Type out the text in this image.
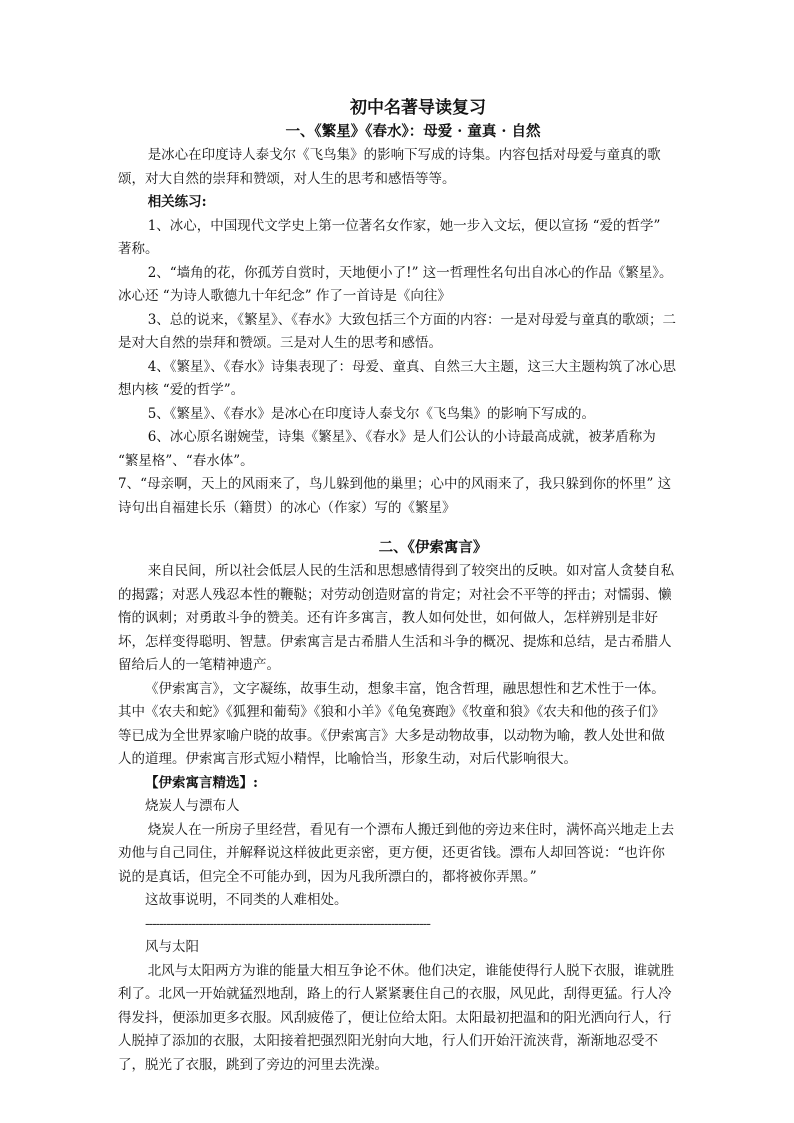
初中名著导读复习
一、《繁星》《春水》：母爱 · 童真 · 自然

是冰心在印度诗人泰戈尔《飞鸟集》的影响下写成的诗集。内容包括对母爱与童真的歌颂，对大自然的崇拜和赞颂，对人生的思考和感悟等等。

相关练习:

1、冰心，中国现代文学史上第一位著名女作家，她一步入文坛，便以宣扬 “爱的哲学” 著称。

2、“墙角的花，你孤芳自赏时，天地便小了!” 这一哲理性名句出自冰心的作品《繁星》。冰心还 “为诗人歌德九十年纪念” 作了一首诗是《向往》

3、总的说来，《繁星》、《春水》大致包括三个方面的内容：一是对母爱与童真的歌颂；二是对大自然的崇拜和赞颂。三是对人生的思考和感悟。

4、《繁星》、《春水》诗集表现了：母爱、童真、自然三大主题，这三大主题构筑了冰心思想内核 “爱的哲学”。

5、《繁星》、《春水》是冰心在印度诗人泰戈尔《飞鸟集》的影响下写成的。

6、冰心原名谢婉莹，诗集《繁星》、《春水》是人们公认的小诗最高成就，被茅盾称为 “繁星格”、“春水体”。

7、“母亲啊，天上的风雨来了，鸟儿躲到他的巢里；心中的风雨来了，我只躲到你的怀里” 这诗句出自福建长乐（籍贯）的冰心（作家）写的《繁星》

二、《伊索寓言》

来自民间，所以社会低层人民的生活和思想感情得到了较突出的反映。如对富人贪婪自私的揭露；对恶人残忍本性的鞭鞑；对劳动创造财富的肯定；对社会不平等的抨击；对懦弱、懒惰的讽刺；对勇敢斗争的赞美。还有许多寓言，教人如何处世，如何做人，怎样辨别是非好坏，怎样变得聪明、智慧。伊索寓言是古希腊人生活和斗争的概况、提炼和总结，是古希腊人留给后人的一笔精神遗产。

《伊索寓言》，文字凝练，故事生动，想象丰富，饱含哲理，融思想性和艺术性于一体。其中《农夫和蛇》《狐狸和葡萄》《狼和小羊》《龟兔赛跑》《牧童和狼》《农夫和他的孩子们》等已成为全世界家喻户晓的故事。《伊索寓言》大多是动物故事，以动物为喻，教人处世和做人的道理。伊索寓言形式短小精悍，比喻恰当，形象生动，对后代影响很大。

【伊索寓言精选】:

烧炭人与漂布人

烧炭人在一所房子里经营，看见有一个漂布人搬迁到他的旁边来住时，满怀高兴地走上去劝他与自己同住，并解释说这样彼此更亲密，更方便，还更省钱。漂布人却回答说：“也许你说的是真话，但完全不可能办到，因为凡我所漂白的，都将被你弄黑。”

这故事说明，不同类的人难相处。

--------------------------------------------------------------------------------

风与太阳

北风与太阳两方为谁的能量大相互争论不休。他们决定，谁能使得行人脱下衣服，谁就胜利了。北风一开始就猛烈地刮，路上的行人紧紧裹住自己的衣服，风见此，刮得更猛。行人冷得发抖，便添加更多衣服。风刮疲倦了，便让位给太阳。太阳最初把温和的阳光洒向行人，行人脱掉了添加的衣服，太阳接着把强烈阳光射向大地，行人们开始汗流浃背，渐渐地忍受不了，脱光了衣服，跳到了旁边的河里去洗澡。
